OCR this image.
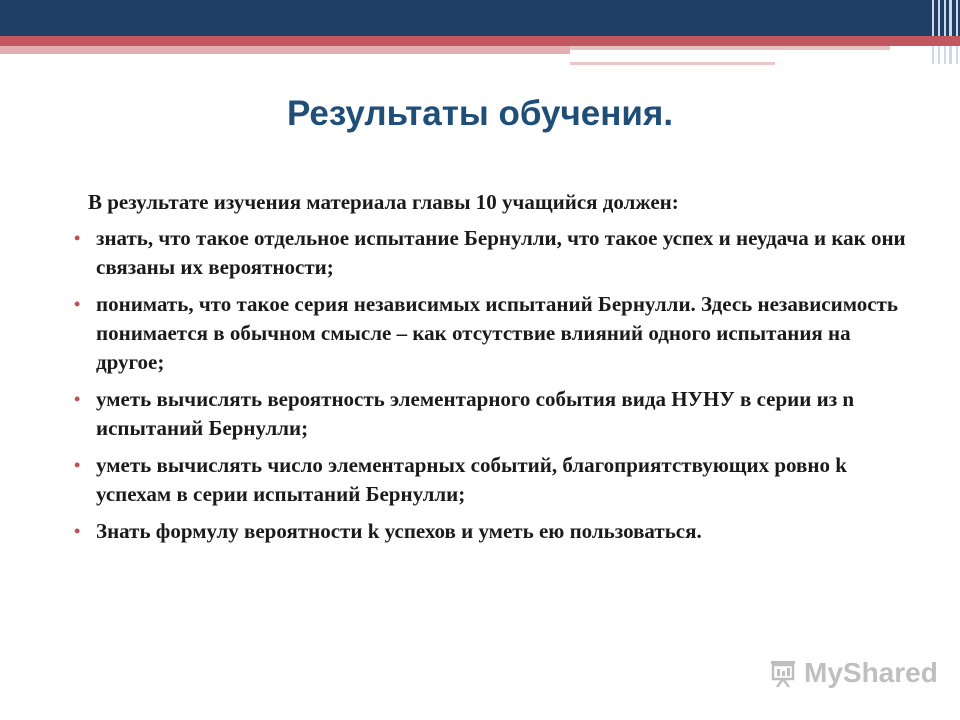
Результаты обучения.
В результате изучения материала главы 10 учащийся должен:
• знать, что такое отдельное испытание Бернулли, что такое успех и неудача и как они связаны их вероятности;
• понимать, что такое серия независимых испытаний Бернулли. Здесь независимость понимается в обычном смысле – как отсутствие влияний одного испытания на другое;
• уметь вычислять вероятность элементарного события вида НУНУ в серии из n испытаний Бернулли;
• уметь вычислять число элементарных событий, благоприятствующих ровно k успехам в серии испытаний Бернулли;
• Знать формулу вероятности k успехов и уметь ею пользоваться.
MyShared
